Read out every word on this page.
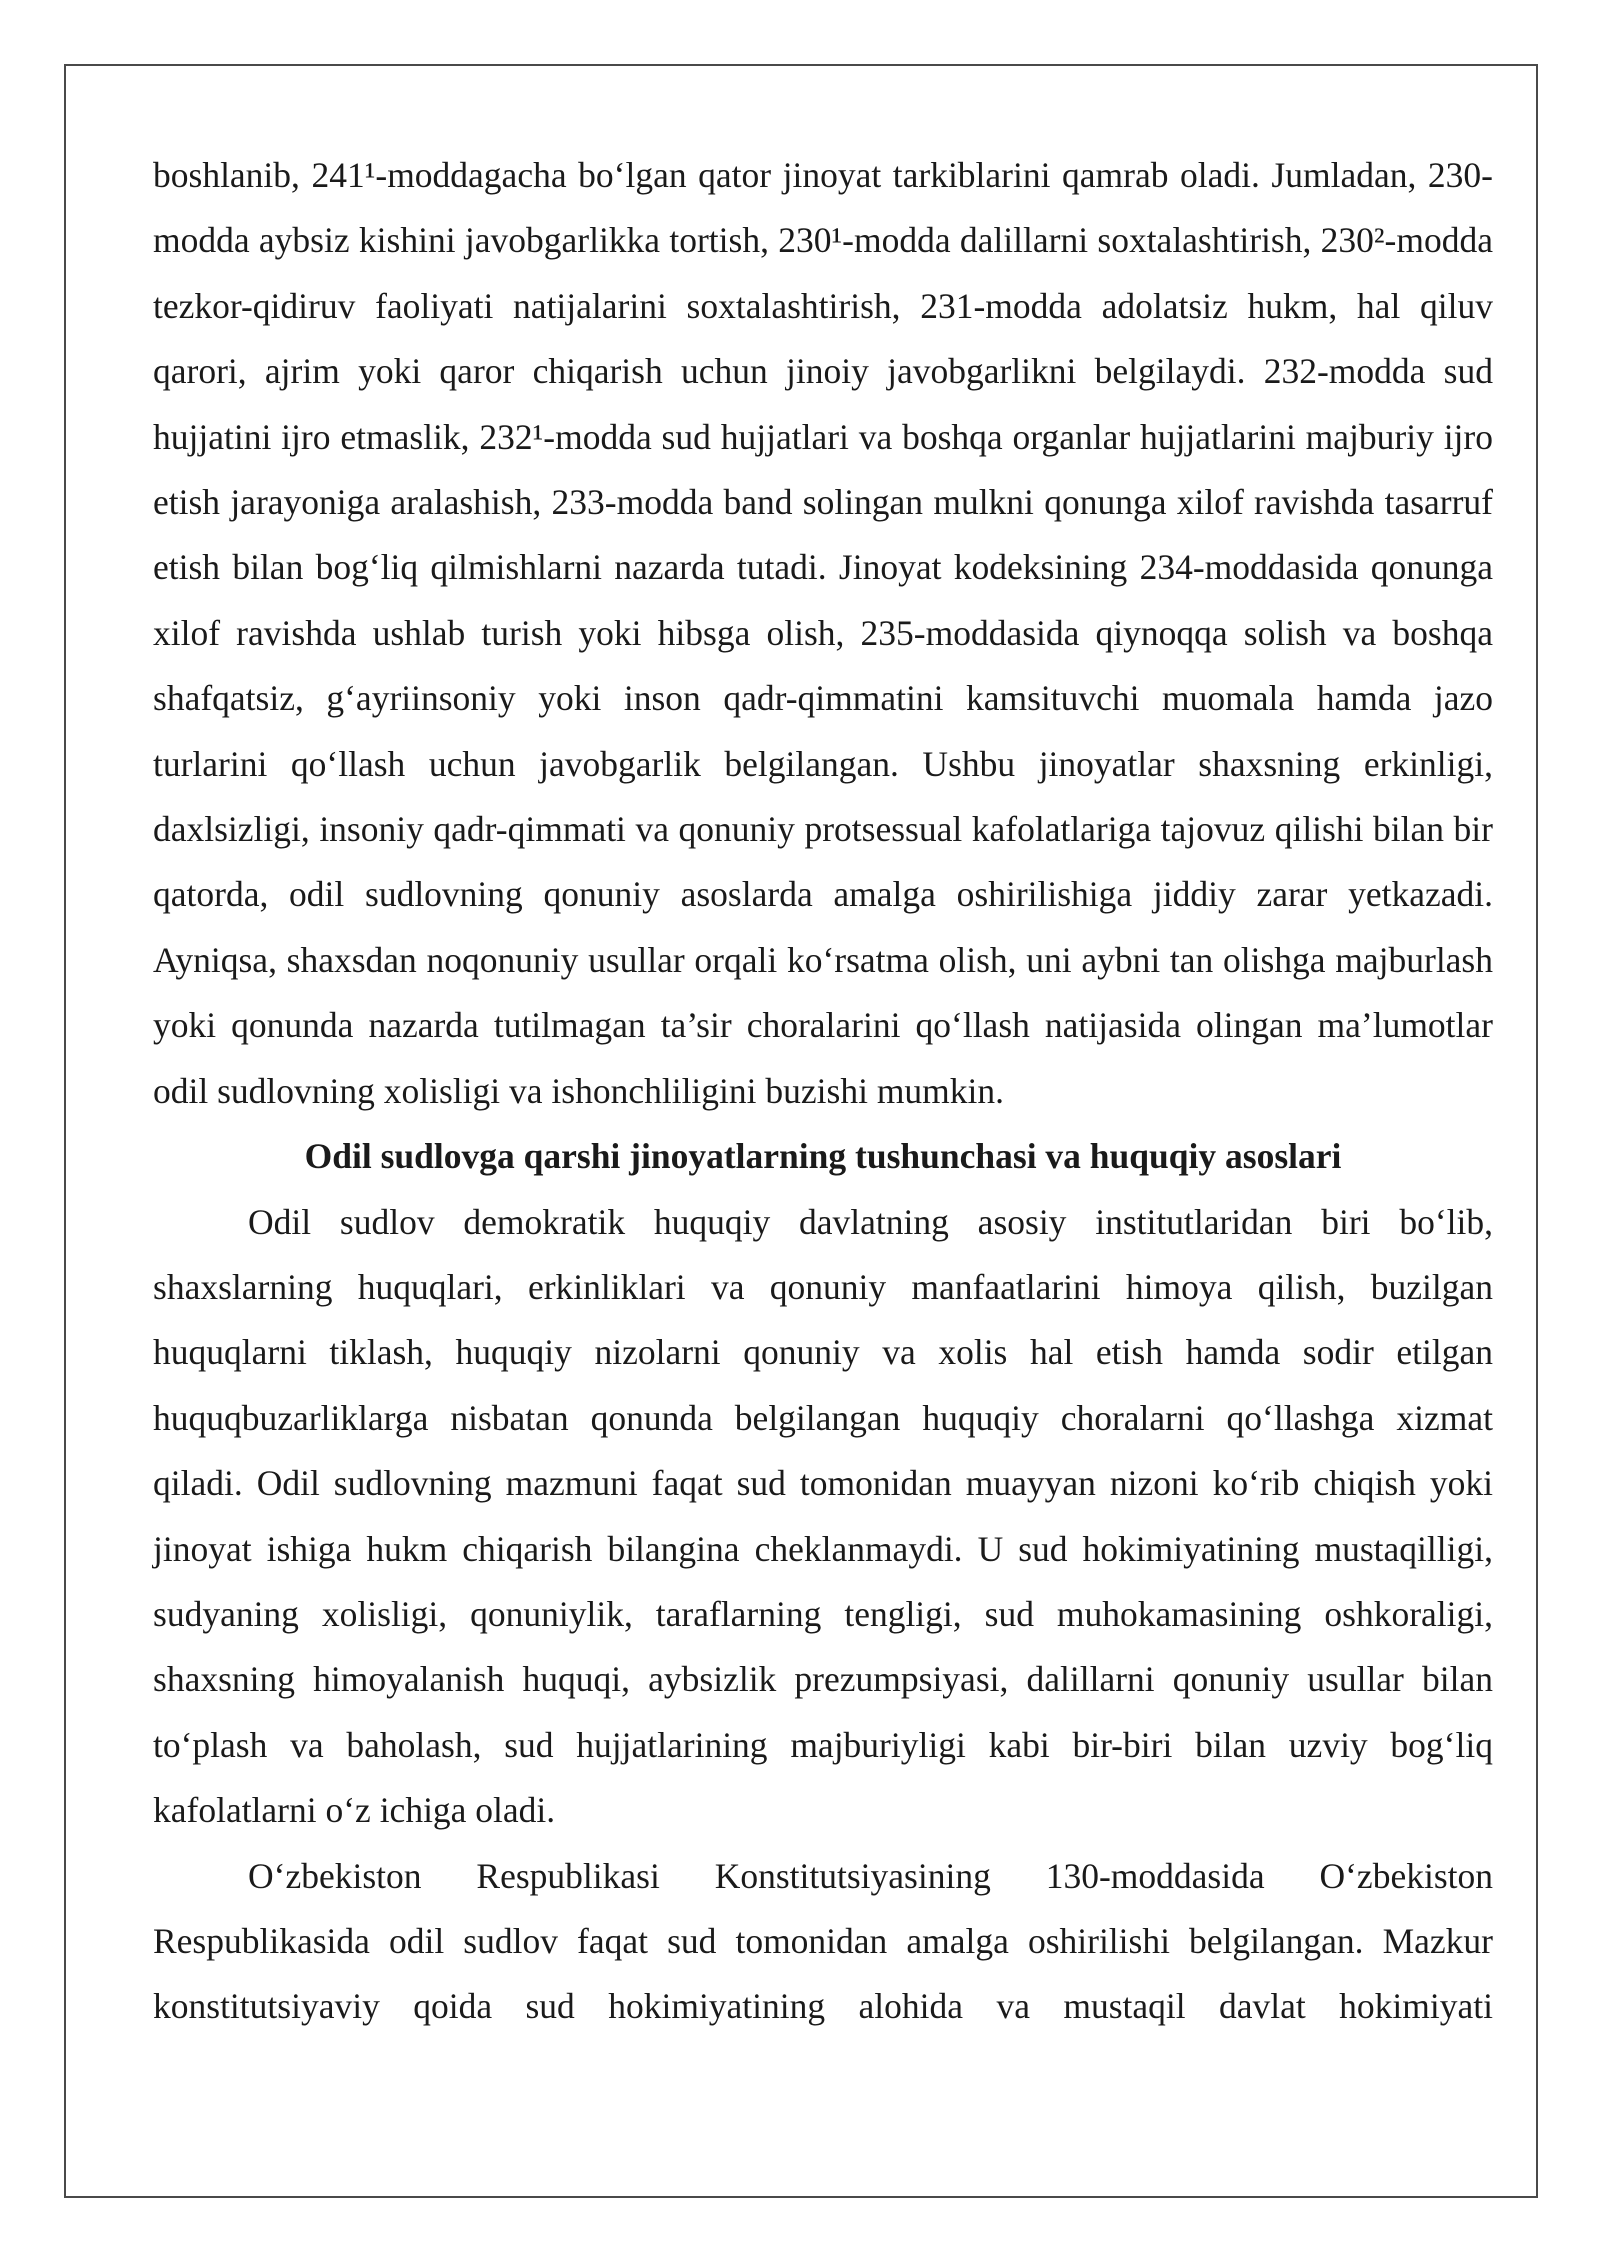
boshlanib, 241¹-moddagacha bo‘lgan qator jinoyat tarkiblarini qamrab oladi. Jumladan, 230-modda aybsiz kishini javobgarlikka tortish, 230¹-modda dalillarni soxtalashtirish, 230²-modda tezkor-qidiruv faoliyati natijalarini soxtalashtirish, 231-modda adolatsiz hukm, hal qiluv qarori, ajrim yoki qaror chiqarish uchun jinoiy javobgarlikni belgilaydi. 232-modda sud hujjatini ijro etmaslik, 232¹-modda sud hujjatlari va boshqa organlar hujjatlarini majburiy ijro etish jarayoniga aralashish, 233-modda band solingan mulkni qonunga xilof ravishda tasarruf etish bilan bog‘liq qilmishlarni nazarda tutadi. Jinoyat kodeksining 234-moddasida qonunga xilof ravishda ushlab turish yoki hibsga olish, 235-moddasida qiynoqqa solish va boshqa shafqatsiz, g‘ayriinsoniy yoki inson qadr-qimmatini kamsituvchi muomala hamda jazo turlarini qo‘llash uchun javobgarlik belgilangan. Ushbu jinoyatlar shaxsning erkinligi, daxlsizligi, insoniy qadr-qimmati va qonuniy protsessual kafolatlariga tajovuz qilishi bilan bir qatorda, odil sudlovning qonuniy asoslarda amalga oshirilishiga jiddiy zarar yetkazadi. Ayniqsa, shaxsdan noqonuniy usullar orqali ko‘rsatma olish, uni aybni tan olishga majburlash yoki qonunda nazarda tutilmagan ta’sir choralarini qo‘llash natijasida olingan ma’lumotlar odil sudlovning xolisligi va ishonchliligini buzishi mumkin.

Odil sudlovga qarshi jinoyatlarning tushunchasi va huquqiy asoslari

Odil sudlov demokratik huquqiy davlatning asosiy institutlaridan biri bo‘lib, shaxslarning huquqlari, erkinliklari va qonuniy manfaatlarini himoya qilish, buzilgan huquqlarni tiklash, huquqiy nizolarni qonuniy va xolis hal etish hamda sodir etilgan huquqbuzarliklarga nisbatan qonunda belgilangan huquqiy choralarni qo‘llashga xizmat qiladi. Odil sudlovning mazmuni faqat sud tomonidan muayyan nizoni ko‘rib chiqish yoki jinoyat ishiga hukm chiqarish bilangina cheklanmaydi. U sud hokimiyatining mustaqilligi, sudyaning xolisligi, qonuniylik, taraflarning tengligi, sud muhokamasining oshkoraligi, shaxsning himoyalanish huquqi, aybsizlik prezumpsiyasi, dalillarni qonuniy usullar bilan to‘plash va baholash, sud hujjatlarining majburiyligi kabi bir-biri bilan uzviy bog‘liq kafolatlarni o‘z ichiga oladi.

O‘zbekiston Respublikasi Konstitutsiyasining 130-moddasida O‘zbekiston Respublikasida odil sudlov faqat sud tomonidan amalga oshirilishi belgilangan. Mazkur konstitutsiyaviy qoida sud hokimiyatining alohida va mustaqil davlat hokimiyati
